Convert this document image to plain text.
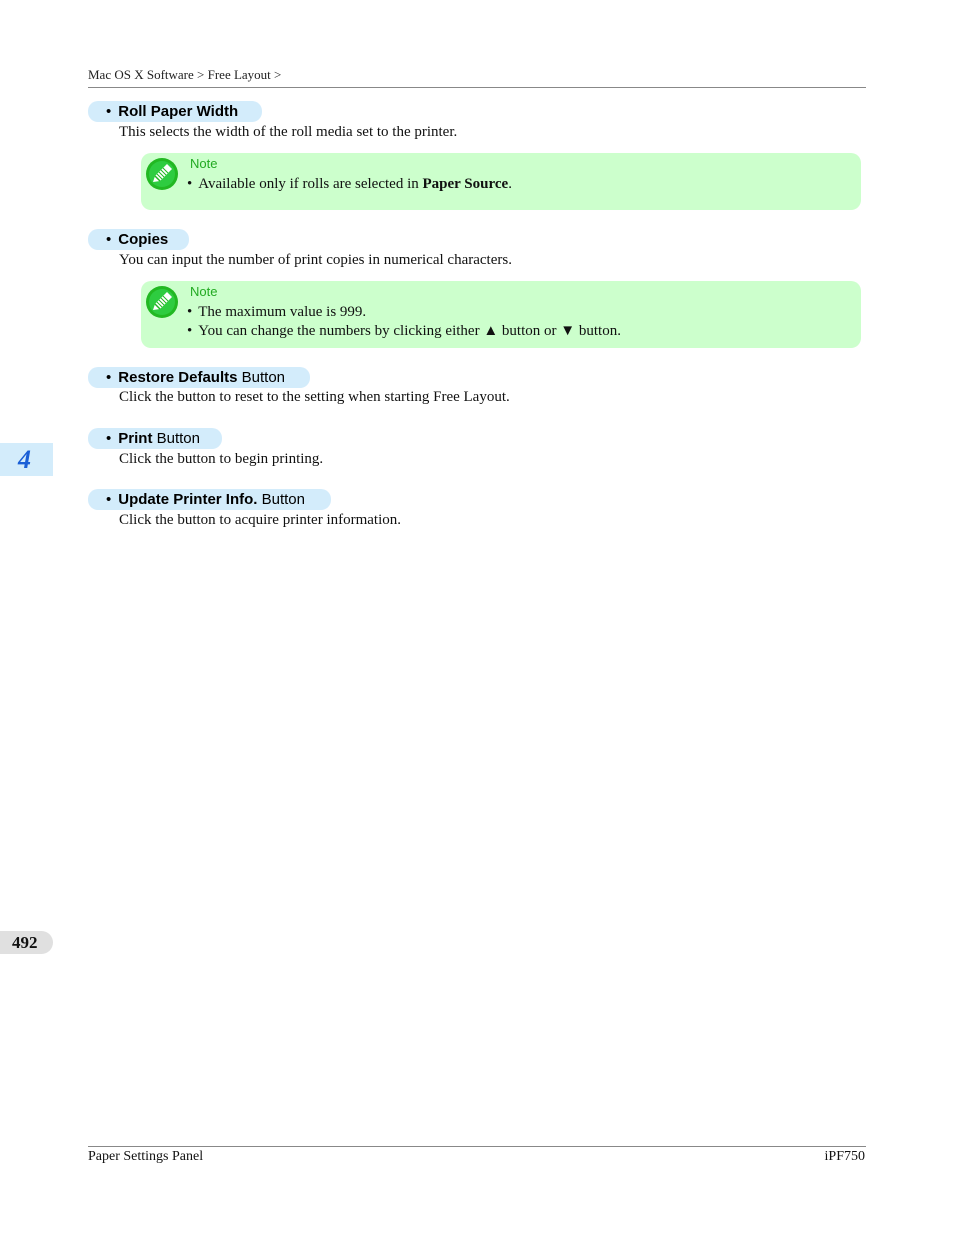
Mac OS X Software > Free Layout >
• Roll Paper Width
This selects the width of the roll media set to the printer.
Note
• Available only if rolls are selected in Paper Source.
• Copies
You can input the number of print copies in numerical characters.
Note
• The maximum value is 999.
• You can change the numbers by clicking either ▲ button or ▼ button.
• Restore Defaults Button
Click the button to reset to the setting when starting Free Layout.
• Print Button
Click the button to begin printing.
• Update Printer Info. Button
Click the button to acquire printer information.
4
492
Paper Settings Panel	iPF750
